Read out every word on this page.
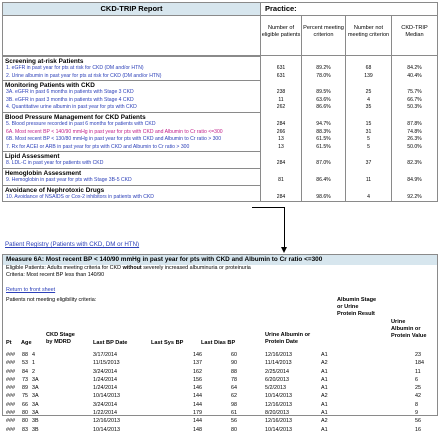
CKD-TRIP Report	Practice:
Number of eligible patients
Percent meeting criterion
Number not meeting criterion
CKD-TRIP Median
Screening at-risk Patients
1. eGFR in past year for pts at risk for CKD (DM and/or HTN)	631	89.2%	68	84.2%
2. Urine albumin in past year for pts at risk for CKD (DM and/or HTN)	631	78.0%	139	40.4%
Monitoring Patients with CKD
3A. eGFR in past 6 months in patients with Stage 3 CKD	238	89.5%	25	75.7%
3B. eGFR in past 3 months in patients with Stage 4 CKD	11	63.6%	4	66.7%
4. Quantitative urine albumin in past year for pts with CKD	262	86.6%	35	50.3%
Blood Pressure Management for CKD Patients
5. Blood pressure recorded in past 6 months for patients with CKD	284	94.7%	15	87.8%
6A. Most recent BP < 140/90 mmHg in past year for pts with CKD and Albumin to Cr ratio <=300	266	88.3%	31	74.8%
6B. Most recent BP < 130/80 mmHg in past year for pts with CKD and Albumin to Cr ratio > 300	13	61.5%	5	26.3%
7. Rx for ACEI or ARB in past year for pts with CKD and Albumin to Cr ratio > 300	13	61.5%	5	50.0%
Lipid Assessment
8. LDL-C in past year for patients with CKD	284	87.0%	37	82.3%
Hemoglobin Assessment
9. Hemoglobin in past year for pts with Stage 3B-5 CKD	81	86.4%	11	84.9%
Avoidance of Nephrotoxic Drugs
10. Avoidance of NSAIDS or Cox-2 inhibitors in patients with CKD	284	98.6%	4	92.2%
Patient Registry (Patients with CKD, DM or HTN)
Measure 6A: Most recent BP < 140/90 mmHg in past year for pts with CKD and Albumin to Cr ratio <=300
Eligible Patients: Adults meeting criteria for CKD without severely increased albuminuria or proteinuria
Criteria: Most recent BP less than 140/90
Return to front sheet
Patients not meeting eligibility criteria:
Pt Age
CKD Stage by MDRD	Last BP Date	Last Sys BP	Last Dias BP
Urine Albumin or Protein Date
Albumin Stage or Urine Protein Result
Urine Albumin or Protein Value
### 88 4	3/17/2014	146	60	12/16/2013	A1	23
### 53 1	11/15/2013	137	90	11/14/2013	A2	184
### 84 2	3/24/2014	162	88	2/25/2014	A1	11
### 73 3A	1/24/2014	156	78	6/20/2013	A1	6
### 89 3A	1/24/2014	146	64	5/2/2013	A1	25
### 75 3A	10/14/2013	144	62	10/14/2013	A2	42
### 66 3A	3/24/2014	144	98	12/16/2013	A1	8
### 80 3A	1/22/2014	179	61	8/20/2013	A1	9
### 80 3B	12/16/2013	144	56	12/16/2013	A2	56
### 83 3B	10/14/2013	148	80	10/14/2013	A1	16
